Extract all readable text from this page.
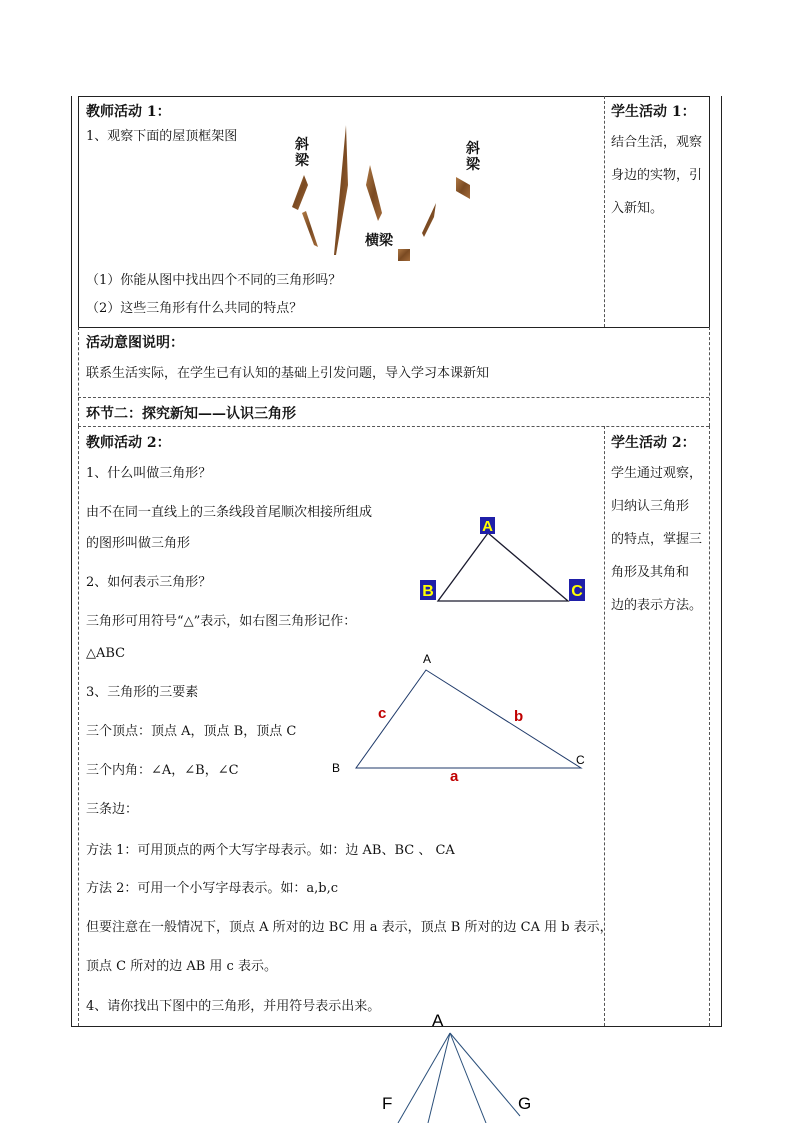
教师活动 1：
1、观察下面的屋顶框架图
斜
梁
斜
梁
横梁
（1）你能从图中找出四个不同的三角形吗？
（2）这些三角形有什么共同的特点？
学生活动 1：
结合生活，观察
身边的实物，引
入新知。
活动意图说明：
联系生活实际，在学生已有认知的基础上引发问题，导入学习本课新知
环节二：探究新知——认识三角形
教师活动 2：
1、什么叫做三角形？
由不在同一直线上的三条线段首尾顺次相接所组成
的图形叫做三角形
2、如何表示三角形？
三角形可用符号“△”表示，如右图三角形记作：
△ABC
3、三角形的三要素
三个顶点：顶点 A，顶点 B，顶点 C
三个内角：∠A，∠B，∠C
三条边：
方法 1：可用顶点的两个大写字母表示。如：边 AB、BC 、 CA
方法 2：可用一个小写字母表示。如：a,b,c
但要注意在一般情况下，顶点 A 所对的边 BC 用 a 表示，顶点 B 所对的边 CA 用 b 表示，
顶点 C 所对的边 AB 用 c 表示。
4、请你找出下图中的三角形，并用符号表示出来。
学生活动 2：
学生通过观察，
归纳认三角形
的特点，掌握三
角形及其角和
边的表示方法。
A
B	C
A
B
C
a
b
c
A
F	G
